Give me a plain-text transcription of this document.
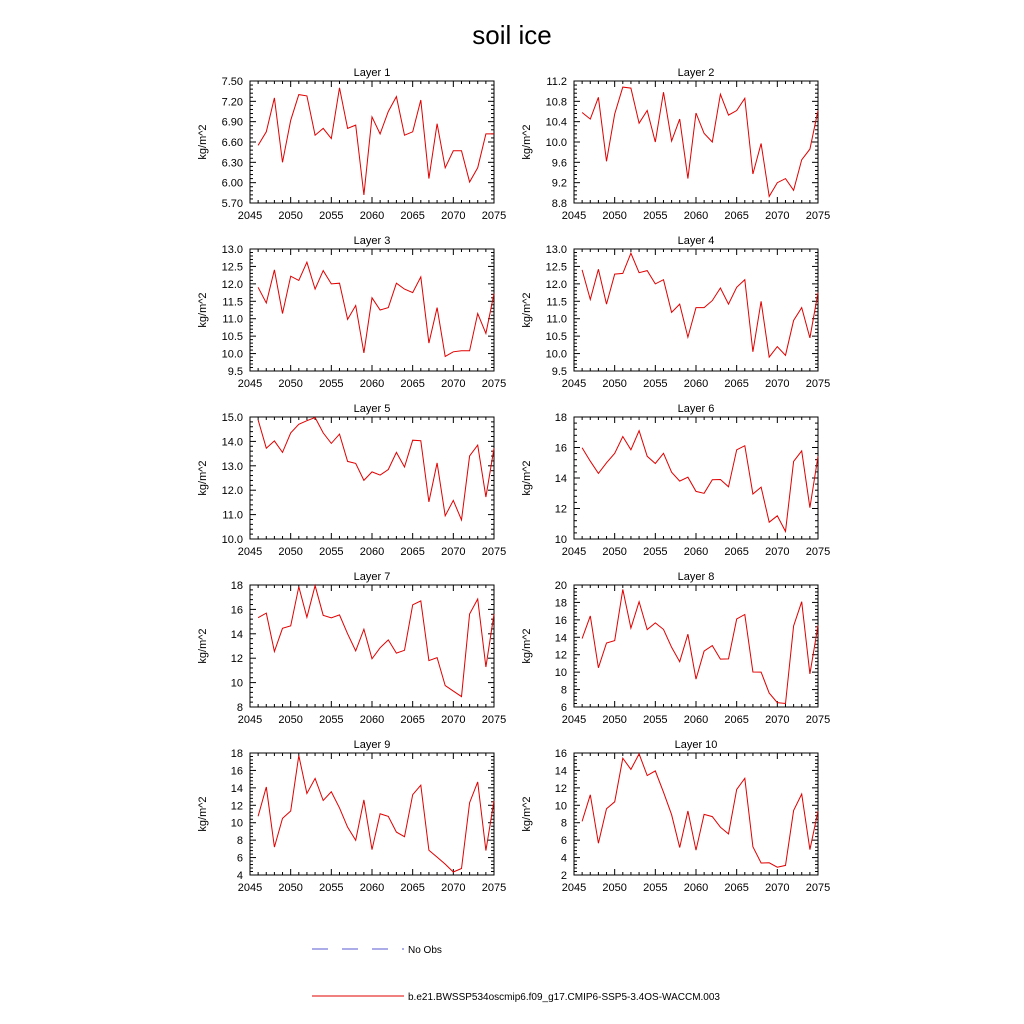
soil ice
Layer 1
kg/m^2
2045 2050 2055 2060 2065 2070 2075
5.70
6.00
6.30
6.60
6.90
7.20
7.50
Layer 2
kg/m^2
2045 2050 2055 2060 2065 2070 2075
8.8
9.2
9.6
10.0
10.4
10.8
11.2
Layer 3
kg/m^2
2045 2050 2055 2060 2065 2070 2075
9.5
10.0
10.5
11.0
11.5
12.0
12.5
13.0
Layer 4
kg/m^2
2045 2050 2055 2060 2065 2070 2075
9.5
10.0
10.5
11.0
11.5
12.0
12.5
13.0
Layer 5
kg/m^2
2045 2050 2055 2060 2065 2070 2075
10.0
11.0
12.0
13.0
14.0
15.0
Layer 6
kg/m^2
2045 2050 2055 2060 2065 2070 2075
10
12
14
16
18
Layer 7
kg/m^2
2045 2050 2055 2060 2065 2070 2075
8
10
12
14
16
18
Layer 8
kg/m^2
2045 2050 2055 2060 2065 2070 2075
6
8
10
12
14
16
18
20
Layer 9
kg/m^2
2045 2050 2055 2060 2065 2070 2075
4
6
8
10
12
14
16
18
Layer 10
kg/m^2
2045 2050 2055 2060 2065 2070 2075
2
4
6
8
10
12
14
16
No Obs
b.e21.BWSSP534oscmip6.f09_g17.CMIP6-SSP5-3.4OS-WACCM.003
